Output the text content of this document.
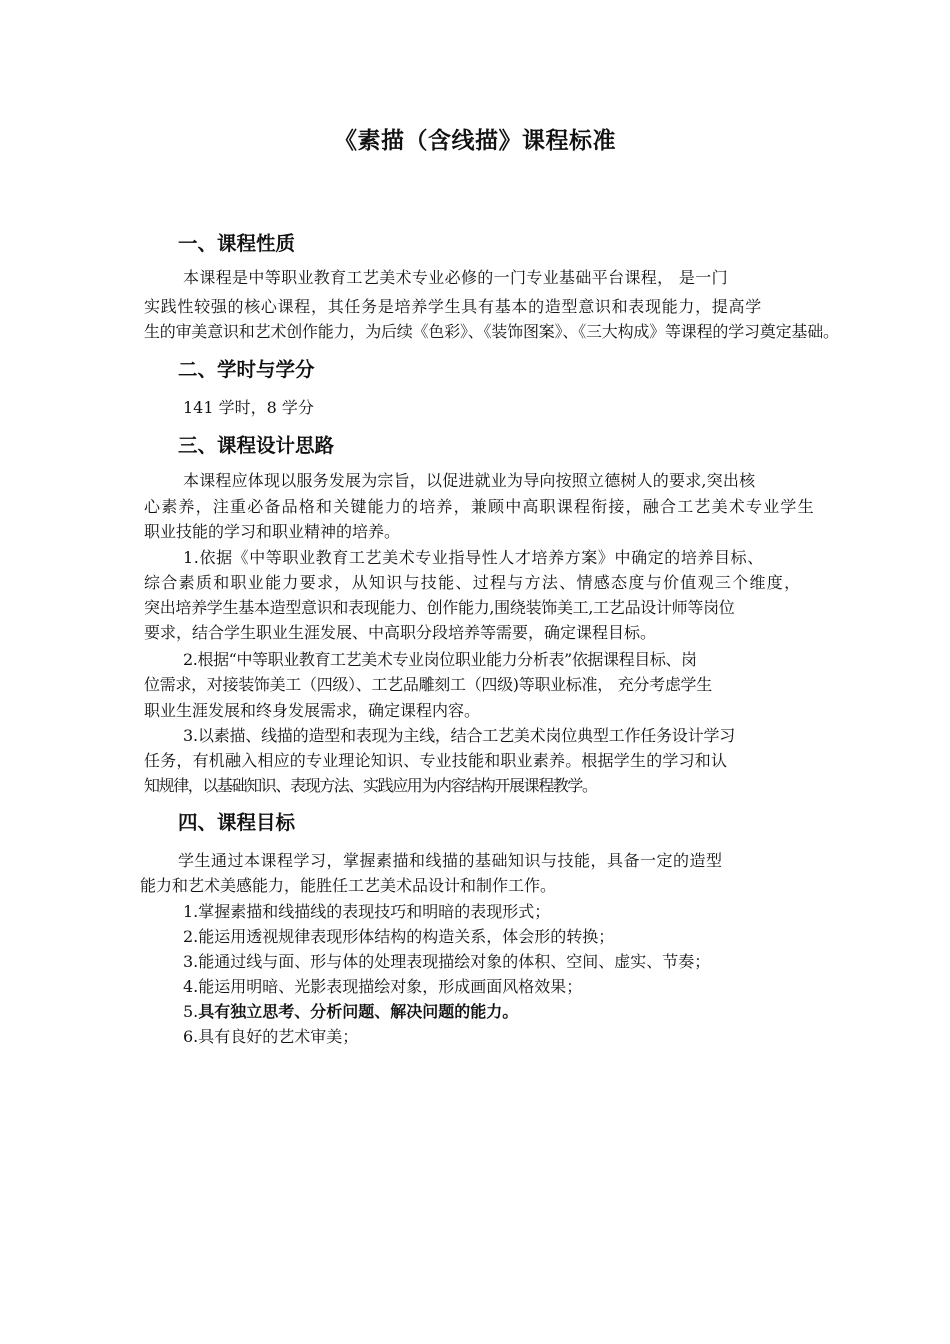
《素描（含线描》课程标准
一、课程性质

本课程是中等职业教育工艺美术专业必修的一门专业基础平台课程， 是一门

实践性较强的核心课程，其任务是培养学生具有基本的造型意识和表现能力，提高学

生的审美意识和艺术创作能力，为后续《色彩》、《装饰图案》、《三大构成》等课程的学习奠定基础。

二、学时与学分

141 学时，8 学分

三、课程设计思路

本课程应体现以服务发展为宗旨，以促进就业为导向按照立德树人的要求,突出核

心素养，注重必备品格和关键能力的培养，兼顾中高职课程衔接，融合工艺美术专业学生

职业技能的学习和职业精神的培养。

1.依据《中等职业教育工艺美术专业指导性人才培养方案》中确定的培养目标、

综合素质和职业能力要求，从知识与技能、过程与方法、情感态度与价值观三个维度，

突出培养学生基本造型意识和表现能力、创作能力,围绕装饰美工,工艺品设计师等岗位

要求，结合学生职业生涯发展、中高职分段培养等需要，确定课程目标。

2.根据“中等职业教育工艺美术专业岗位职业能力分析表”依据课程目标、岗

位需求，对接装饰美工（四级）、工艺品雕刻工（四级)等职业标准， 充分考虑学生

职业生涯发展和终身发展需求，确定课程内容。

3.以素描、线描的造型和表现为主线，结合工艺美术岗位典型工作任务设计学习

任务，有机融入相应的专业理论知识、专业技能和职业素养。根据学生的学习和认

知规律，以基础知识、表现方法、实践应用为内容结构开展课程教学。

四、课程目标

学生通过本课程学习，掌握素描和线描的基础知识与技能，具备一定的造型

能力和艺术美感能力，能胜任工艺美术品设计和制作工作。

1.掌握素描和线描线的表现技巧和明暗的表现形式；

2.能运用透视规律表现形体结构的构造关系，体会形的转换；

3.能通过线与面、形与体的处理表现描绘对象的体积、空间、虚实、节奏；

4.能运用明暗、光影表现描绘对象，形成画面风格效果；

5.具有独立思考、分析问题、解决问题的能力。

6.具有良好的艺术审美；
